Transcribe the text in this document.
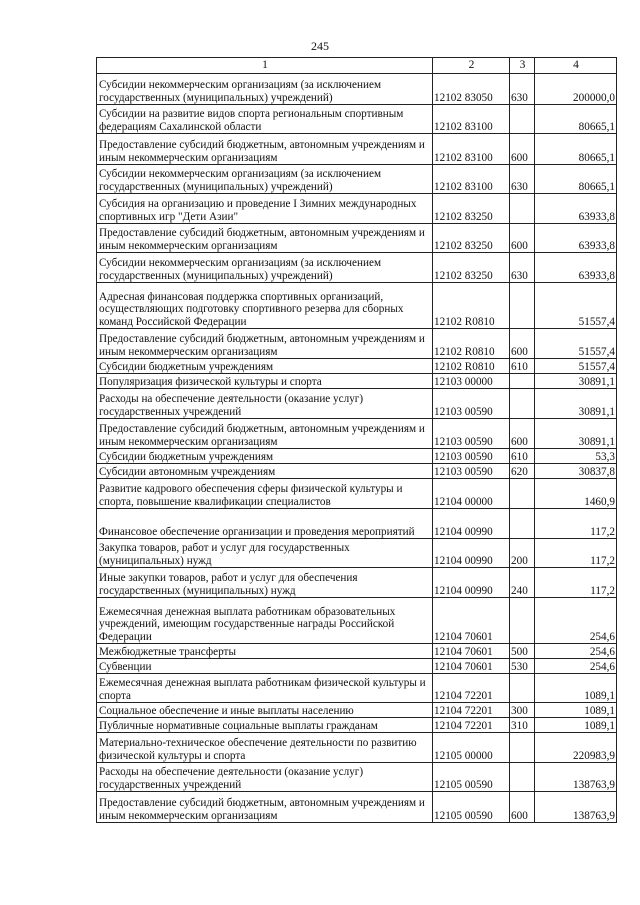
245
1	2	3	4
Субсидии некоммерческим организациям (за исключением государственных (муниципальных) учреждений)	12102 83050	630	200000,0
Субсидии на развитие видов спорта региональным спортивным федерациям Сахалинской области	12102 83100		80665,1
Предоставление субсидий бюджетным, автономным учреждениям и иным некоммерческим организациям	12102 83100	600	80665,1
Субсидии некоммерческим организациям (за исключением государственных (муниципальных) учреждений)	12102 83100	630	80665,1
Субсидия на организацию и проведение I Зимних международных спортивных игр "Дети Азии"	12102 83250		63933,8
Предоставление субсидий бюджетным, автономным учреждениям и иным некоммерческим организациям	12102 83250	600	63933,8
Субсидии некоммерческим организациям (за исключением государственных (муниципальных) учреждений)	12102 83250	630	63933,8
Адресная финансовая поддержка спортивных организаций, осуществляющих подготовку спортивного резерва для сборных команд Российской Федерации	12102 R0810		51557,4
Предоставление субсидий бюджетным, автономным учреждениям и иным некоммерческим организациям	12102 R0810	600	51557,4
Субсидии бюджетным учреждениям	12102 R0810	610	51557,4
Популяризация физической культуры и спорта	12103 00000		30891,1
Расходы на обеспечение деятельности (оказание услуг) государственных учреждений	12103 00590		30891,1
Предоставление субсидий бюджетным, автономным учреждениям и иным некоммерческим организациям	12103 00590	600	30891,1
Субсидии бюджетным учреждениям	12103 00590	610	53,3
Субсидии автономным учреждениям	12103 00590	620	30837,8
Развитие кадрового обеспечения сферы физической культуры и спорта, повышение квалификации специалистов	12104 00000		1460,9
Финансовое обеспечение организации и проведения мероприятий	12104 00990		117,2
Закупка товаров, работ и услуг для государственных (муниципальных) нужд	12104 00990	200	117,2
Иные закупки товаров, работ и услуг для обеспечения государственных (муниципальных) нужд	12104 00990	240	117,2
Ежемесячная денежная выплата работникам образовательных учреждений, имеющим государственные награды Российской Федерации	12104 70601		254,6
Межбюджетные трансферты	12104 70601	500	254,6
Субвенции	12104 70601	530	254,6
Ежемесячная денежная выплата работникам физической культуры и спорта	12104 72201		1089,1
Социальное обеспечение и иные выплаты населению	12104 72201	300	1089,1
Публичные нормативные социальные выплаты гражданам	12104 72201	310	1089,1
Материально-техническое обеспечение деятельности по развитию физической культуры и спорта	12105 00000		220983,9
Расходы на обеспечение деятельности (оказание услуг) государственных учреждений	12105 00590		138763,9
Предоставление субсидий бюджетным, автономным учреждениям и иным некоммерческим организациям	12105 00590	600	138763,9
